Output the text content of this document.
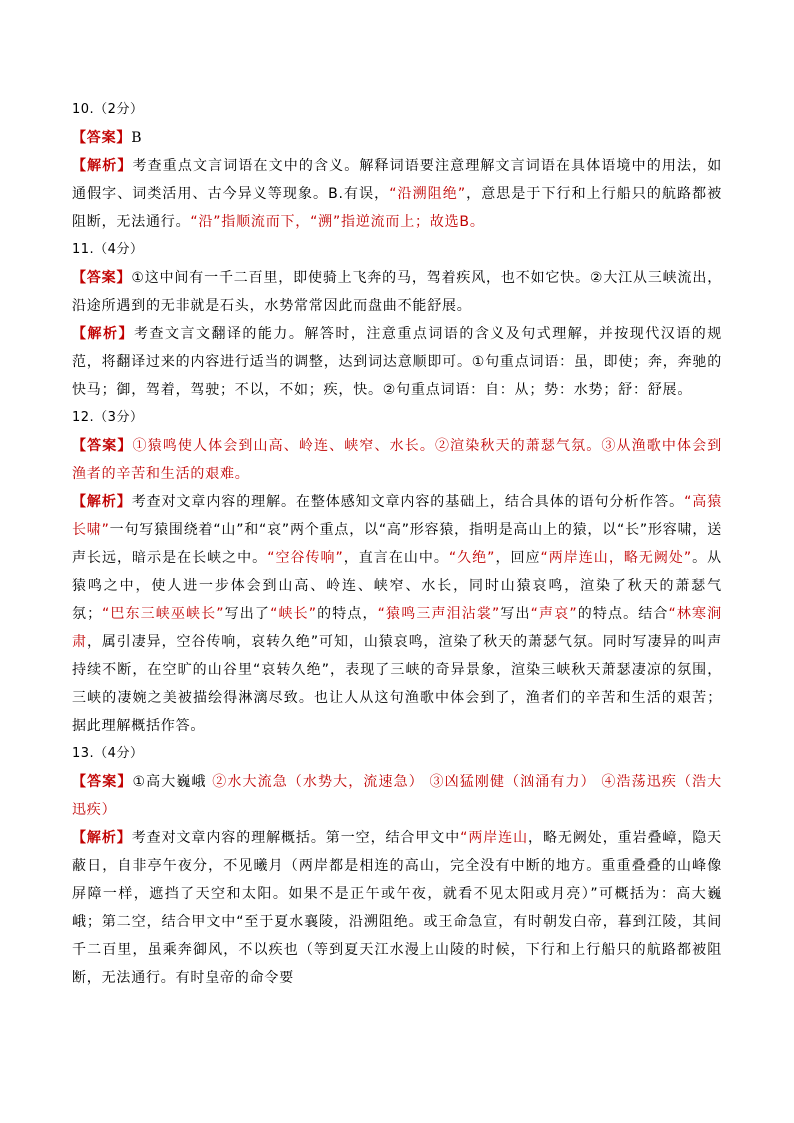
10.（2分）

【答案】B

【解析】考查重点文言词语在文中的含义。解释词语要注意理解文言词语在具体语境中的用法，如通假字、词类活用、古今异义等现象。B.有误，“沿溯阻绝”，意思是于下行和上行船只的航路都被阻断，无法通行。“沿”指顺流而下，“溯”指逆流而上；故选B。

11.（4分）

【答案】①这中间有一千二百里，即使骑上飞奔的马，驾着疾风，也不如它快。②大江从三峡流出，沿途所遇到的无非就是石头，水势常常因此而盘曲不能舒展。

【解析】考查文言文翻译的能力。解答时，注意重点词语的含义及句式理解，并按现代汉语的规范，将翻译过来的内容进行适当的调整，达到词达意顺即可。①句重点词语：虽，即使；奔，奔驰的快马；御，驾着，驾驶；不以，不如；疾，快。②句重点词语：自：从；势：水势；舒：舒展。

12.（3分）

【答案】①猿鸣使人体会到山高、岭连、峡窄、水长。②渲染秋天的萧瑟气氛。③从渔歌中体会到渔者的辛苦和生活的艰难。

【解析】考查对文章内容的理解。在整体感知文章内容的基础上，结合具体的语句分析作答。“高猿长啸”一句写猿围绕着“山”和“哀”两个重点，以“高”形容猿，指明是高山上的猿，以“长”形容啸，送声长远，暗示是在长峡之中。“空谷传响”，直言在山中。“久绝”，回应“两岸连山，略无阙处”。从猿鸣之中，使人进一步体会到山高、岭连、峡窄、水长，同时山猿哀鸣，渲染了秋天的萧瑟气氛；“巴东三峡巫峡长”写出了“峡长”的特点，“猿鸣三声泪沾裳”写出“声哀”的特点。结合“林寒涧肃，属引凄异，空谷传响，哀转久绝”可知，山猿哀鸣，渲染了秋天的萧瑟气氛。同时写凄异的叫声持续不断，在空旷的山谷里“哀转久绝”，表现了三峡的奇异景象，渲染三峡秋天萧瑟凄凉的氛围，三峡的凄婉之美被描绘得淋漓尽致。也让人从这句渔歌中体会到了，渔者们的辛苦和生活的艰苦；据此理解概括作答。

13.（4分）

【答案】①高大巍峨 ②水大流急（水势大，流速急） ③凶猛刚健（汹涌有力） ④浩荡迅疾（浩大迅疾）

【解析】考查对文章内容的理解概括。第一空，结合甲文中“两岸连山，略无阙处，重岩叠嶂，隐天蔽日，自非亭午夜分，不见曦月（两岸都是相连的高山，完全没有中断的地方。重重叠叠的山峰像屏障一样，遮挡了天空和太阳。如果不是正午或午夜，就看不见太阳或月亮）”可概括为：高大巍峨；第二空，结合甲文中“至于夏水襄陵，沿溯阻绝。或王命急宣，有时朝发白帝，暮到江陵，其间千二百里，虽乘奔御风，不以疾也（等到夏天江水漫上山陵的时候，下行和上行船只的航路都被阻断，无法通行。有时皇帝的命令要
